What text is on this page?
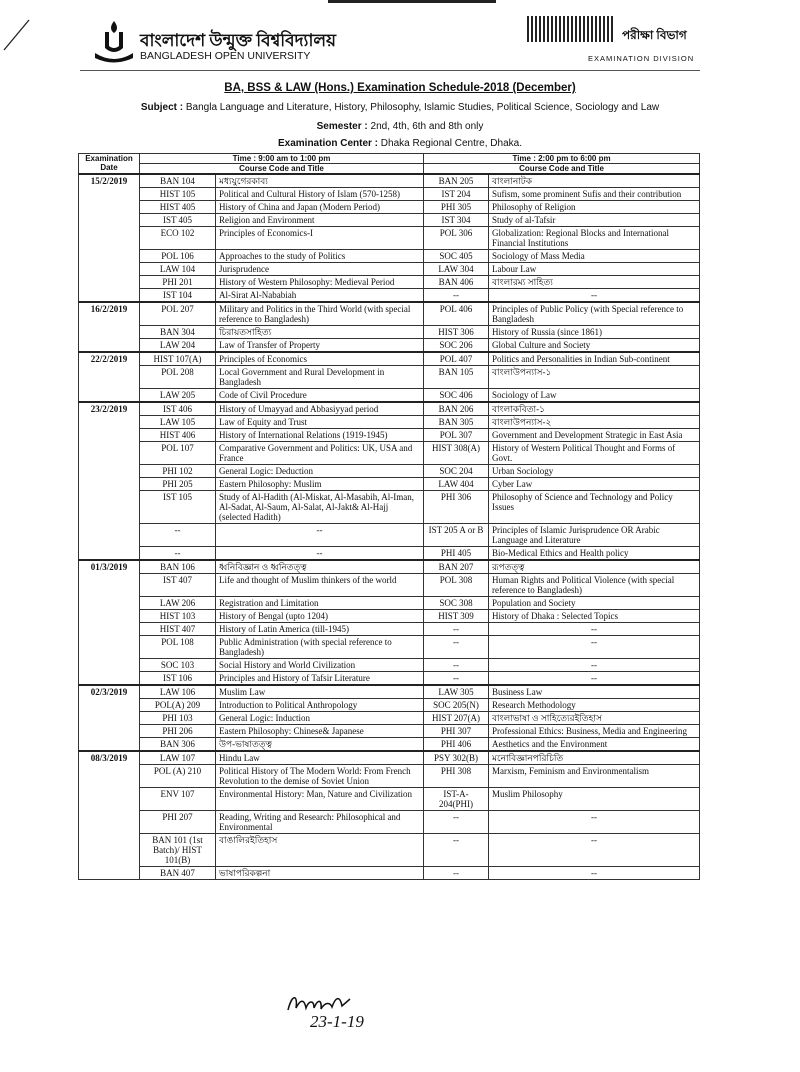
বাংলাদেশ উন্মুক্ত বিশ্ববিদ্যালয়
BANGLADESH OPEN UNIVERSITY
পরীক্ষা বিভাগ
EXAMINATION DIVISION
BA, BSS & LAW (Hons.) Examination Schedule-2018 (December)
Subject : Bangla Language and Literature, History, Philosophy, Islamic Studies, Political Science, Sociology and Law
Semester : 2nd, 4th, 6th and 8th only
Examination Center : Dhaka Regional Centre, Dhaka.
Examination Date	Time : 9:00 am to 1:00 pm		Time : 2:00 pm to 6:00 pm	
	Course Code and Title		Course Code and Title	
15/2/2019	BAN 104	মধ্যযুগেরকাব্য	BAN 205	বাংলানাটক
	HIST 105	Political and Cultural History of Islam (570-1258)	IST 204	Sufism, some prominent Sufis and their contribution
	HIST 405	History of China and Japan (Modern Period)	PHI 305	Philosophy of Religion
	IST 405	Religion and Environment	IST 304	Study of al-Tafsir
	ECO 102	Principles of Economics-I	POL 306	Globalization: Regional Blocks and International Financial Institutions
	POL 106	Approaches to the study of Politics	SOC 405	Sociology of Mass Media
	LAW 104	Jurisprudence	LAW 304	Labour Law
	PHI 201	History of Western Philosophy: Medieval Period	BAN 406	বাংলারম্য সাহিত্য
	IST 104	Al-Sirat Al-Nababiah	--	--
16/2/2019	POL 207	Military and Politics in the Third World (with special reference to Bangladesh)	POL 406	Principles of Public Policy (with Special reference to Bangladesh
	BAN 304	চিরায়তসাহিত্য	HIST 306	History of Russia (since 1861)
	LAW 204	Law of Transfer of Property	SOC 206	Global Culture and Society
22/2/2019	HIST 107(A)	Principles of Economics	POL 407	Politics and Personalities in Indian Sub-continent
	POL 208	Local Government and Rural Development in Bangladesh	BAN 105	বাংলাউপন্যাস-১
	LAW 205	Code of Civil Procedure	SOC 406	Sociology of Law
23/2/2019	IST 406	History of Umayyad and Abbasiyyad period	BAN 206	বাংলাকবিতা-১
	LAW 105	Law of Equity and Trust	BAN 305	বাংলাউপন্যাস-২
	HIST 406	History of International Relations (1919-1945)	POL 307	Government and Development Strategic in East Asia
	POL 107	Comparative Government and Politics: UK, USA and France	HIST 308(A)	History of Western Political Thought and Forms of Govt.
	PHI 102	General Logic: Deduction	SOC 204	Urban Sociology
	PHI 205	Eastern Philosophy: Muslim	LAW 404	Cyber Law
	IST 105	Study of Al-Hadith (Al-Miskat, Al-Masabih, Al-Iman, Al-Sadat, Al-Saum, Al-Salat, Al-Jakt& Al-Hajj (selected Hadith)	PHI 306	Philosophy of Science and Technology and Policy Issues
	--	--	IST 205 A or B	Principles of Islamic Jurisprudence OR Arabic Language and Literature
	--	--	PHI 405	Bio-Medical Ethics and Health policy
01/3/2019	BAN 106	ধ্বনিবিজ্ঞান ও ধ্বনিতত্ত্ব	BAN 207	রূপতত্ত্ব
	IST 407	Life and thought of Muslim thinkers of the world	POL 308	Human Rights and Political Violence (with special reference to Bangladesh)
	LAW 206	Registration and Limitation	SOC 308	Population and Society
	HIST 103	History of Bengal (upto 1204)	HIST 309	History of Dhaka : Selected Topics
	HIST 407	History of Latin America (till-1945)	--	--
	POL 108	Public Administration (with special reference to Bangladesh)	--	--
	SOC 103	Social History and World Civilization	--	--
	IST 106	Principles and History of Tafsir Literature	--	--
02/3/2019	LAW 106	Muslim Law	LAW 305	Business Law
	POL(A) 209	Introduction to Political Anthropology	SOC 205(N)	Research Methodology
	PHI 103	General Logic: Induction	HIST 207(A)	বাংলাভাষা ও সাহিত্যেরইতিহাস
	PHI 206	Eastern Philosophy: Chinese& Japanese	PHI 307	Professional Ethics: Business, Media and Engineering
	BAN 306	উপ-ভাষাতত্ত্ব	PHI 406	Aesthetics and the Environment
08/3/2019	LAW 107	Hindu Law	PSY 302(B)	মনোবিজ্ঞানপরিচিতি
	POL (A) 210	Political History of The Modern World: From French Revolution to the demise of Soviet Union	PHI 308	Marxism, Feminism and Environmentalism
	ENV 107	Environmental History: Man, Nature and Civilization	IST-A-204(PHI)	Muslim Philosophy
	PHI 207	Reading, Writing and Research: Philosophical and Environmental	--	--
	BAN 101 (1st Batch)/ HIST 101(B)	বাঙালিরইতিহাস	--	--
	BAN 407	ভাষাপরিকল্পনা	--	--
23-1-19
